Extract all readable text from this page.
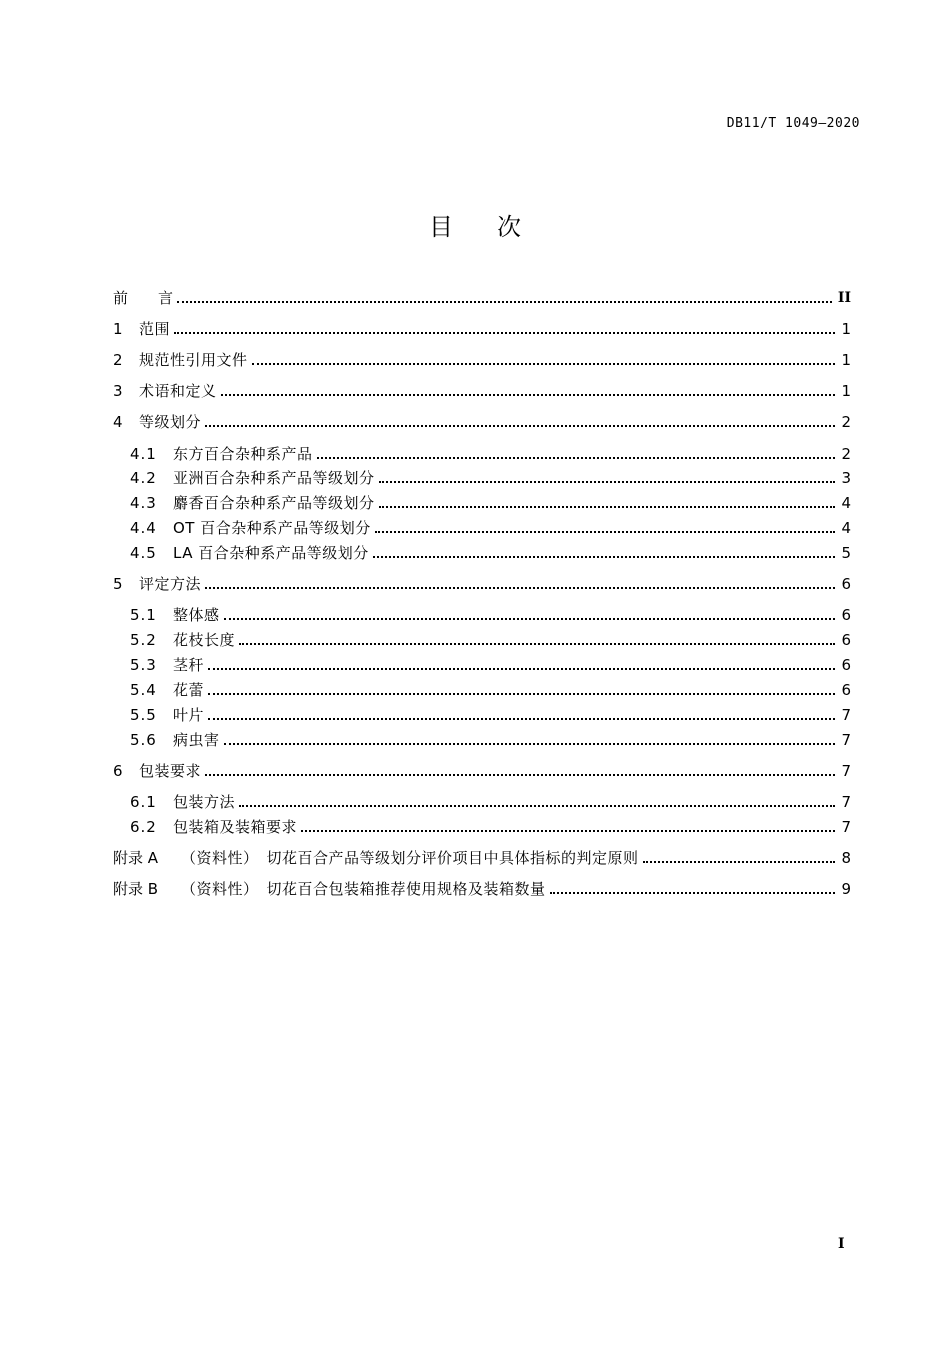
DB11/T 1049—2020
目次
前　　言	II
1	范围	1
2	规范性引用文件	1
3	术语和定义	1
4	等级划分	2
4.1	东方百合杂种系产品	2
4.2	亚洲百合杂种系产品等级划分	3
4.3	麝香百合杂种系产品等级划分	4
4.4	OT 百合杂种系产品等级划分	4
4.5	LA 百合杂种系产品等级划分	5
5	评定方法	6
5.1	整体感	6
5.2	花枝长度	6
5.3	茎秆	6
5.4	花蕾	6
5.5	叶片	7
5.6	病虫害	7
6	包装要求	7
6.1	包装方法	7
6.2	包装箱及装箱要求	7
附录 A	（资料性）　切花百合产品等级划分评价项目中具体指标的判定原则	8
附录 B	（资料性）　切花百合包装箱推荐使用规格及装箱数量	9
I
